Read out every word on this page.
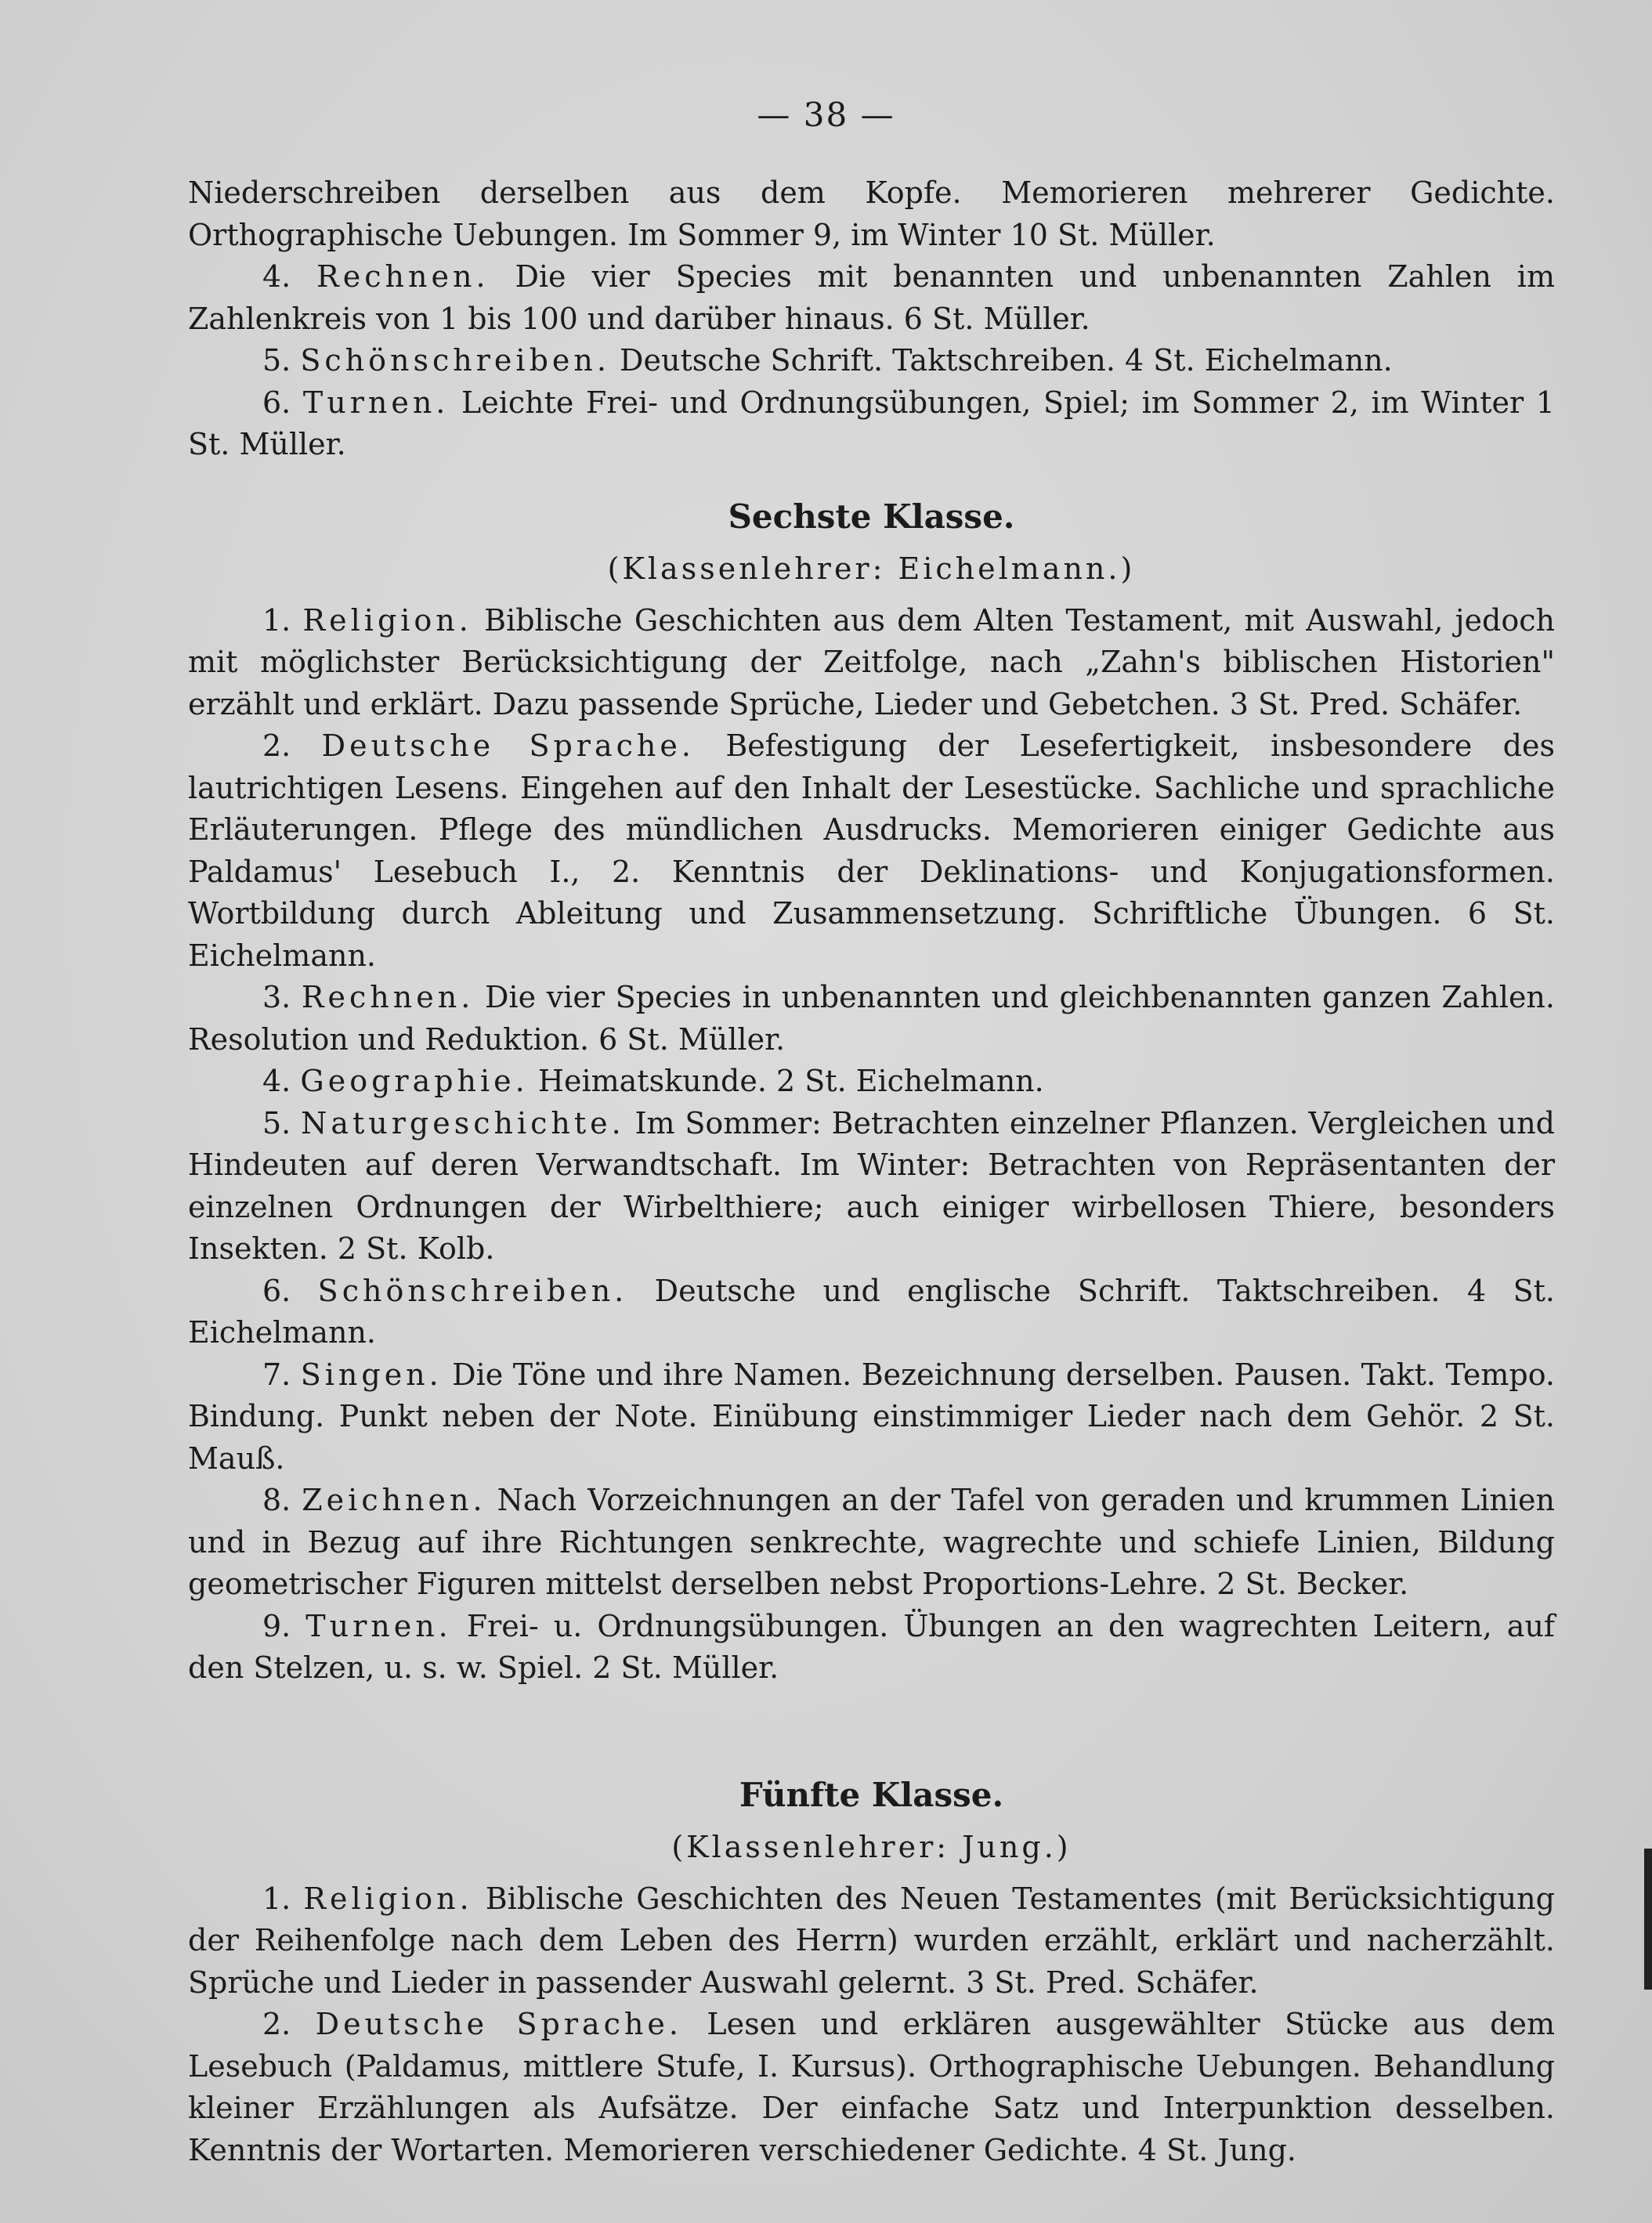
— 38 —

Niederschreiben derselben aus dem Kopfe. Memorieren mehrerer Gedichte. Orthographische Uebungen. Im Sommer 9, im Winter 10 St. Müller.

4. Rechnen. Die vier Species mit benannten und unbenannten Zahlen im Zahlenkreis von 1 bis 100 und darüber hinaus. 6 St. Müller.

5. Schönschreiben. Deutsche Schrift. Taktschreiben. 4 St. Eichelmann.

6. Turnen. Leichte Frei- und Ordnungsübungen, Spiel; im Sommer 2, im Winter 1 St. Müller.

Sechste Klasse.
(Klassenlehrer: Eichelmann.)

1. Religion. Biblische Geschichten aus dem Alten Testament, mit Auswahl, jedoch mit möglichster Berücksichtigung der Zeitfolge, nach „Zahn's biblischen Historien" erzählt und erklärt. Dazu passende Sprüche, Lieder und Gebetchen. 3 St. Pred. Schäfer.

2. Deutsche Sprache. Befestigung der Lesefertigkeit, insbesondere des lautrichtigen Lesens. Eingehen auf den Inhalt der Lesestücke. Sachliche und sprachliche Erläuterungen. Pflege des mündlichen Ausdrucks. Memorieren einiger Gedichte aus Paldamus' Lesebuch I., 2. Kenntnis der Deklinations- und Konjugationsformen. Wortbildung durch Ableitung und Zusammensetzung. Schriftliche Übungen. 6 St. Eichelmann.

3. Rechnen. Die vier Species in unbenannten und gleichbenannten ganzen Zahlen. Resolution und Reduktion. 6 St. Müller.

4. Geographie. Heimatskunde. 2 St. Eichelmann.

5. Naturgeschichte. Im Sommer: Betrachten einzelner Pflanzen. Vergleichen und Hindeuten auf deren Verwandtschaft. Im Winter: Betrachten von Repräsentanten der einzelnen Ordnungen der Wirbelthiere; auch einiger wirbellosen Thiere, besonders Insekten. 2 St. Kolb.

6. Schönschreiben. Deutsche und englische Schrift. Taktschreiben. 4 St. Eichelmann.

7. Singen. Die Töne und ihre Namen. Bezeichnung derselben. Pausen. Takt. Tempo. Bindung. Punkt neben der Note. Einübung einstimmiger Lieder nach dem Gehör. 2 St. Mauß.

8. Zeichnen. Nach Vorzeichnungen an der Tafel von geraden und krummen Linien und in Bezug auf ihre Richtungen senkrechte, wagrechte und schiefe Linien, Bildung geometrischer Figuren mittelst derselben nebst Proportions-Lehre. 2 St. Becker.

9. Turnen. Frei- u. Ordnungsübungen. Übungen an den wagrechten Leitern, auf den Stelzen, u. s. w. Spiel. 2 St. Müller.

Fünfte Klasse.
(Klassenlehrer: Jung.)

1. Religion. Biblische Geschichten des Neuen Testamentes (mit Berücksichtigung der Reihenfolge nach dem Leben des Herrn) wurden erzählt, erklärt und nacherzählt. Sprüche und Lieder in passender Auswahl gelernt. 3 St. Pred. Schäfer.

2. Deutsche Sprache. Lesen und erklären ausgewählter Stücke aus dem Lesebuch (Paldamus, mittlere Stufe, I. Kursus). Orthographische Uebungen. Behandlung kleiner Erzählungen als Aufsätze. Der einfache Satz und Interpunktion desselben. Kenntnis der Wortarten. Memorieren verschiedener Gedichte. 4 St. Jung.
